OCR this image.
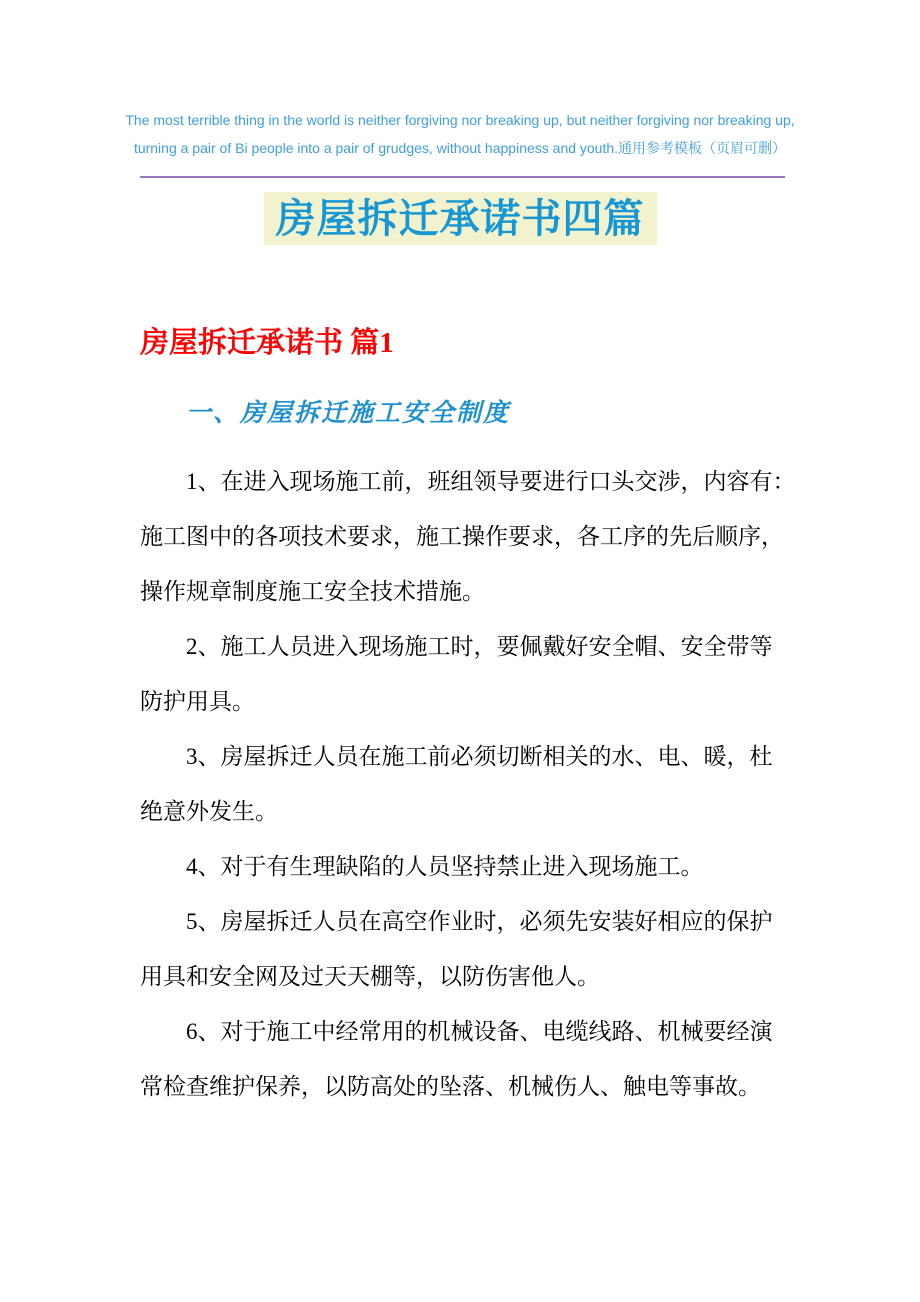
The most terrible thing in the world is neither forgiving nor breaking up, but neither forgiving nor breaking up,
turning a pair of Bi people into a pair of grudges, without happiness and youth.通用参考模板（页眉可删）
房屋拆迁承诺书四篇
房屋拆迁承诺书 篇1
一、房屋拆迁施工安全制度

1、在进入现场施工前，班组领导要进行口头交涉，内容有：
施工图中的各项技术要求，施工操作要求，各工序的先后顺序，
操作规章制度施工安全技术措施。

2、施工人员进入现场施工时，要佩戴好安全帽、安全带等
防护用具。

3、房屋拆迁人员在施工前必须切断相关的水、电、暖，杜
绝意外发生。

4、对于有生理缺陷的人员坚持禁止进入现场施工。

5、房屋拆迁人员在高空作业时，必须先安装好相应的保护
用具和安全网及过天天棚等，以防伤害他人。

6、对于施工中经常用的机械设备、电缆线路、机械要经演
常检查维护保养，以防高处的坠落、机械伤人、触电等事故。
